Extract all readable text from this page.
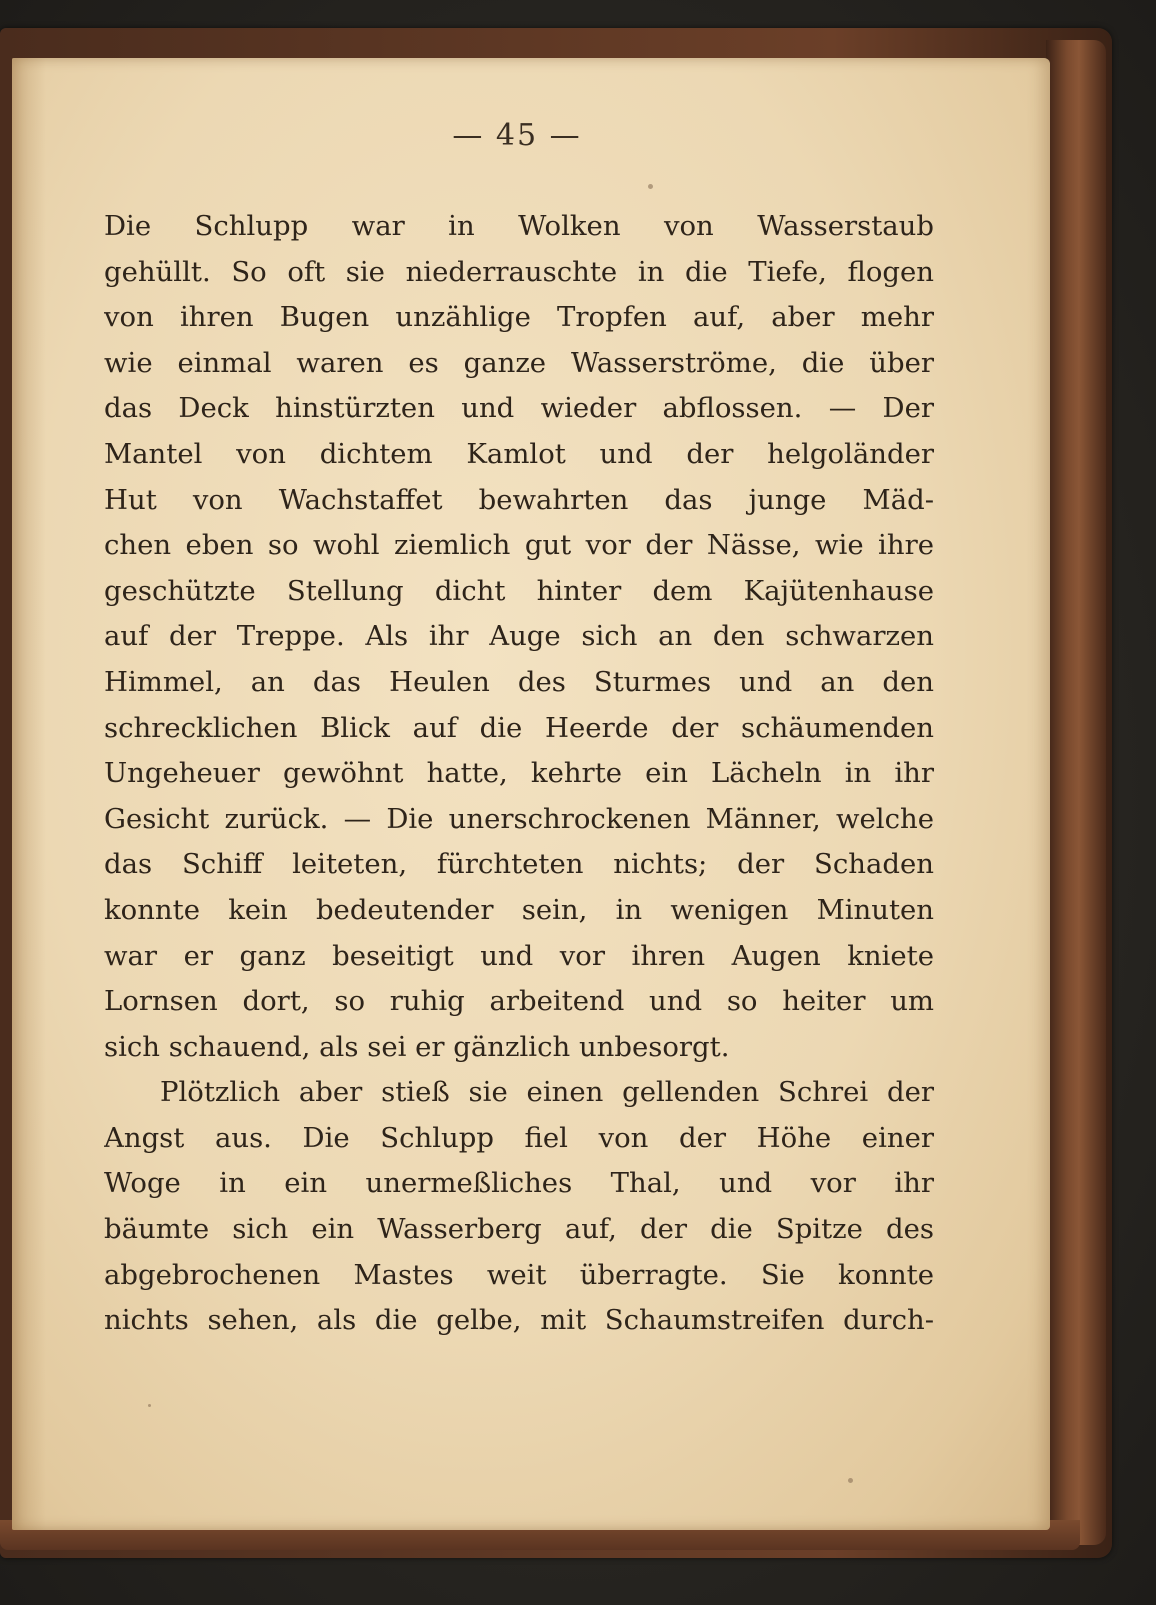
— 45 —
Die Schlupp war in Wolken von Wasserstaub
gehüllt. So oft sie niederrauschte in die Tiefe, flogen
von ihren Bugen unzählige Tropfen auf, aber mehr
wie einmal waren es ganze Wasserströme, die über
das Deck hinstürzten und wieder abflossen. — Der
Mantel von dichtem Kamlot und der helgoländer
Hut von Wachstaffet bewahrten das junge Mäd-
chen eben so wohl ziemlich gut vor der Nässe, wie ihre
geschützte Stellung dicht hinter dem Kajütenhause
auf der Treppe. Als ihr Auge sich an den schwarzen
Himmel, an das Heulen des Sturmes und an den
schrecklichen Blick auf die Heerde der schäumenden
Ungeheuer gewöhnt hatte, kehrte ein Lächeln in ihr
Gesicht zurück. — Die unerschrockenen Männer, welche
das Schiff leiteten, fürchteten nichts; der Schaden
konnte kein bedeutender sein, in wenigen Minuten
war er ganz beseitigt und vor ihren Augen kniete
Lornsen dort, so ruhig arbeitend und so heiter um
sich schauend, als sei er gänzlich unbesorgt.
Plötzlich aber stieß sie einen gellenden Schrei der
Angst aus. Die Schlupp fiel von der Höhe einer
Woge in ein unermeßliches Thal, und vor ihr
bäumte sich ein Wasserberg auf, der die Spitze des
abgebrochenen Mastes weit überragte. Sie konnte
nichts sehen, als die gelbe, mit Schaumstreifen durch-
